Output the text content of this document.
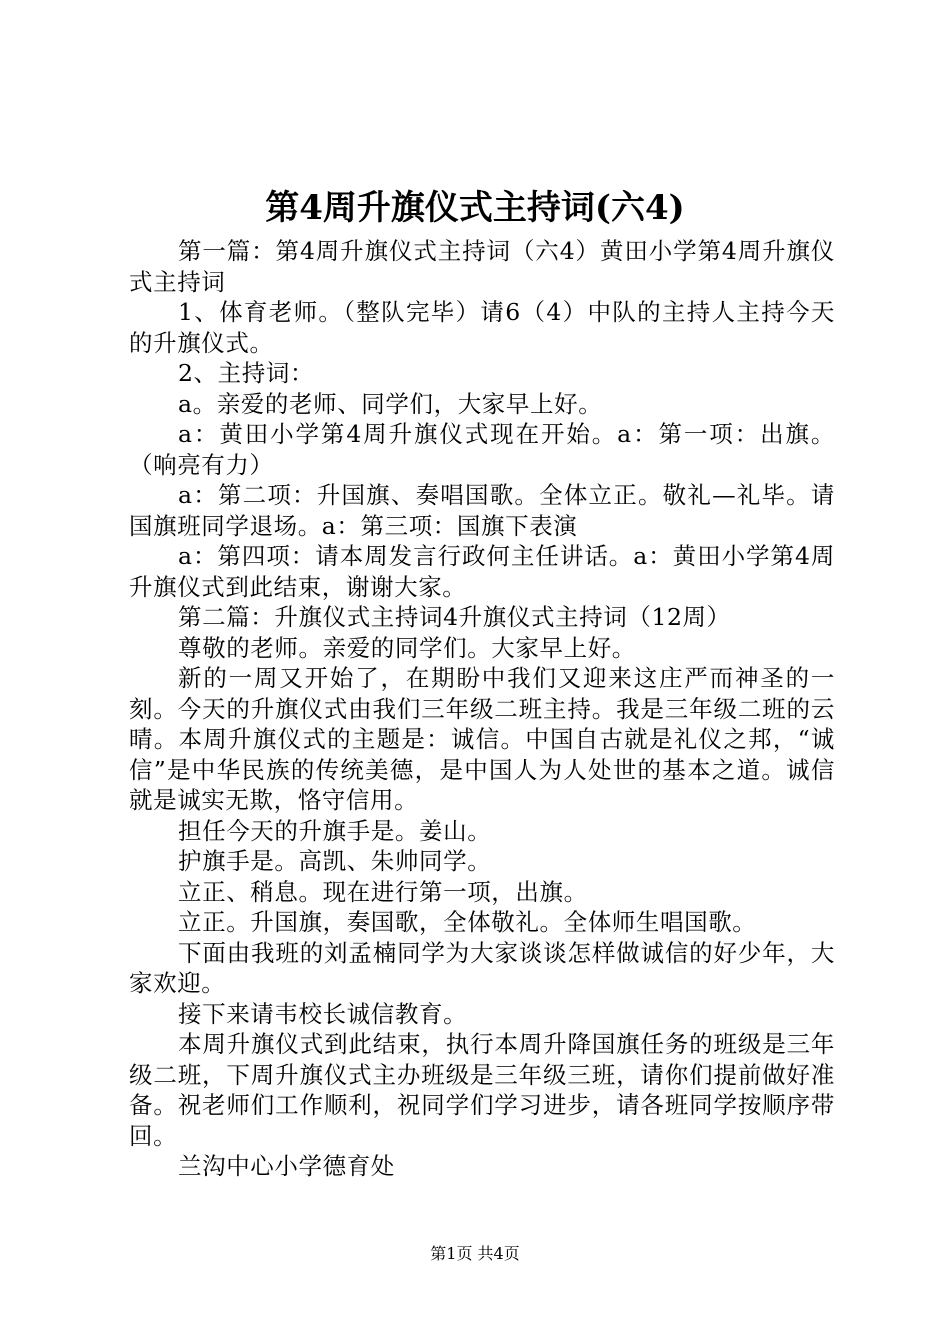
第4周升旗仪式主持词(六4)

第一篇：第4周升旗仪式主持词（六4）黄田小学第4周升旗仪式主持词

1、体育老师。（整队完毕）请6（4）中队的主持人主持今天的升旗仪式。

2、主持词：

a。亲爱的老师、同学们，大家早上好。

a：黄田小学第4周升旗仪式现在开始。a：第一项：出旗。（响亮有力）

a：第二项：升国旗、奏唱国歌。全体立正。敬礼—礼毕。请国旗班同学退场。a：第三项：国旗下表演

a：第四项：请本周发言行政何主任讲话。a：黄田小学第4周升旗仪式到此结束，谢谢大家。

第二篇：升旗仪式主持词4升旗仪式主持词（12周）

尊敬的老师。亲爱的同学们。大家早上好。

新的一周又开始了，在期盼中我们又迎来这庄严而神圣的一刻。今天的升旗仪式由我们三年级二班主持。我是三年级二班的云晴。本周升旗仪式的主题是：诚信。中国自古就是礼仪之邦，“诚信”是中华民族的传统美德，是中国人为人处世的基本之道。诚信就是诚实无欺，恪守信用。

担任今天的升旗手是。姜山。

护旗手是。高凯、朱帅同学。

立正、稍息。现在进行第一项，出旗。

立正。升国旗，奏国歌，全体敬礼。全体师生唱国歌。

下面由我班的刘孟楠同学为大家谈谈怎样做诚信的好少年，大家欢迎。

接下来请韦校长诚信教育。

本周升旗仪式到此结束，执行本周升降国旗任务的班级是三年级二班，下周升旗仪式主办班级是三年级三班，请你们提前做好准备。祝老师们工作顺利，祝同学们学习进步，请各班同学按顺序带回。

兰沟中心小学德育处

第1页 共4页
